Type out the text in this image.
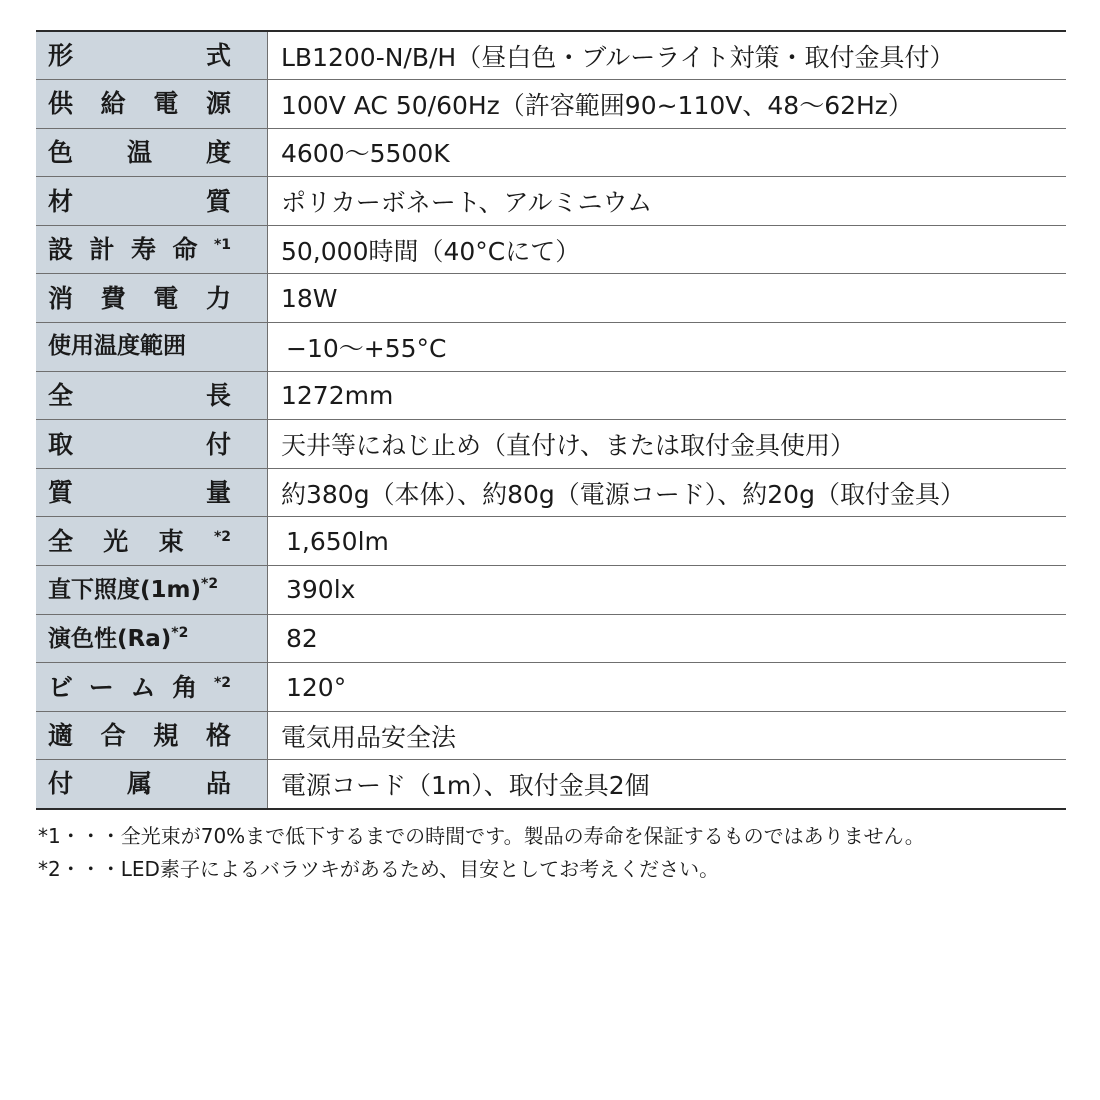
形　式	LB1200-N/B/H（昼白色・ブルーライト対策・取付金具付）

供給電源	100V AC 50/60Hz（許容範囲90~110V、48～62Hz）

色温度	4600～5500K

材　質	ポリカーボネート、アルミニウム

設計寿命$^{*1}$	50,000時間（40°Cにて）

消費電力	18W

使用温度範囲	−10～+55°C

全　長	1272mm

取　付	天井等にねじ止め（直付け、または取付金具使用）

質　量	約380g（本体）、約80g（電源コード）、約20g（取付金具）

全光束$^{*2}$	1,650lm

直下照度$(1m)^{*2}$	390lx

演色性$(Ra)^{*2}$	82

ビーム角$^{*2}$	120°

適合規格	電気用品安全法

付属品	電源コード（1m）、取付金具2個
*1・・・全光束が70%まで低下するまでの時間です。製品の寿命を保証するものではありません。
*2・・・LED素子によるバラツキがあるため、目安としてお考えください。
